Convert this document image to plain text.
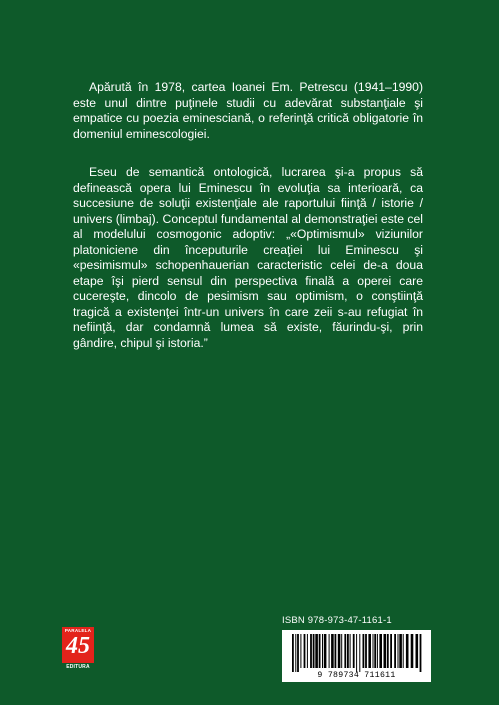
Apărută în 1978, cartea Ioanei Em. Petrescu (1941–1990) este unul dintre puţinele studii cu adevărat substanţiale şi empatice cu poezia eminesciană, o referinţă critică obligatorie în domeniul eminescologiei.

Eseu de semantică ontologică, lucrarea şi-a propus să definească opera lui Eminescu în evoluţia sa interioară, ca succesiune de soluţii existenţiale ale raportului fiinţă / istorie / univers (limbaj). Conceptul fundamental al demonstraţiei este cel al modelului cosmogonic adoptiv: „«Optimismul» viziunilor platoniciene din începuturile creaţiei lui Eminescu şi «pesimismul» schopenhauerian caracteristic celei de-a doua etape îşi pierd sensul din perspectiva finală a operei care cucereşte, dincolo de pesimism sau optimism, o conştiinţă tragică a existenţei într-un univers în care zeii s-au refugiat în nefiinţă, dar condamnă lumea să existe, făurindu-şi, prin gândire, chipul şi istoria.”

PARALELA
45
EDITURA
ISBN 978-973-47-1161-1
9 789734 711611
